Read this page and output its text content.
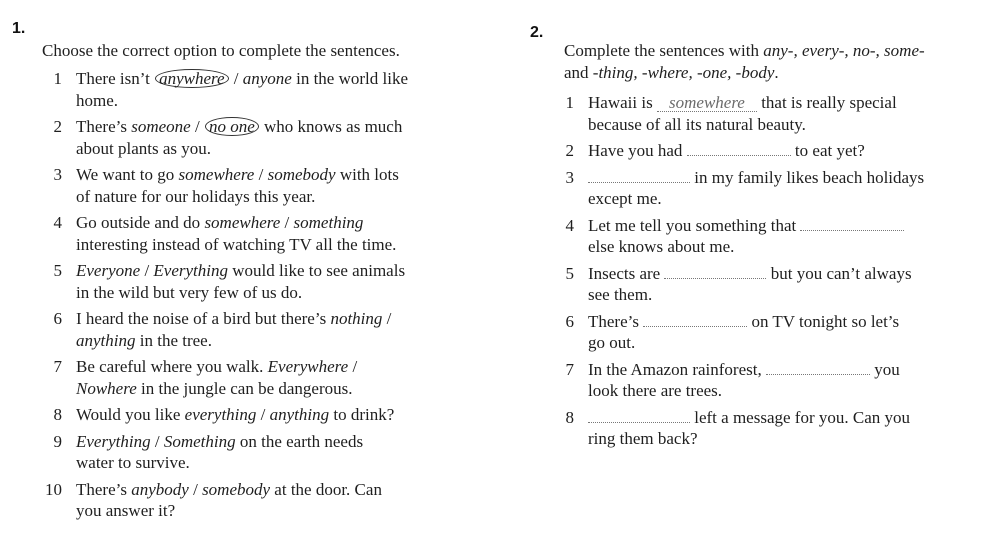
1.

Choose the correct option to complete the sentences.

1 There isn’t anywhere / anyone in the world like
home.
2 There’s someone / no one who knows as much
about plants as you.
3 We want to go somewhere / somebody with lots
of nature for our holidays this year.
4 Go outside and do somewhere / something
interesting instead of watching TV all the time.
5 Everyone / Everything would like to see animals
in the wild but very few of us do.
6 I heard the noise of a bird but there’s nothing /
anything in the tree.
7 Be careful where you walk. Everywhere /
Nowhere in the jungle can be dangerous.
8 Would you like everything / anything to drink?
9 Everything / Something on the earth needs
water to survive.
10 There’s anybody / somebody at the door. Can
you answer it?
2.

Complete the sentences with any-, every-, no-, some-
and -thing, -where, -one, -body.

1 Hawaii is somewhere that is really special
because of all its natural beauty.
2 Have you had	to eat yet?
3	in my family likes beach holidays
except me.
4 Let me tell you something that
else knows about me.
5 Insects are	but you can’t always
see them.
6 There’s	on TV tonight so let’s
go out.
7 In the Amazon rainforest,	you
look there are trees.
8	left a message for you. Can you
ring them back?
